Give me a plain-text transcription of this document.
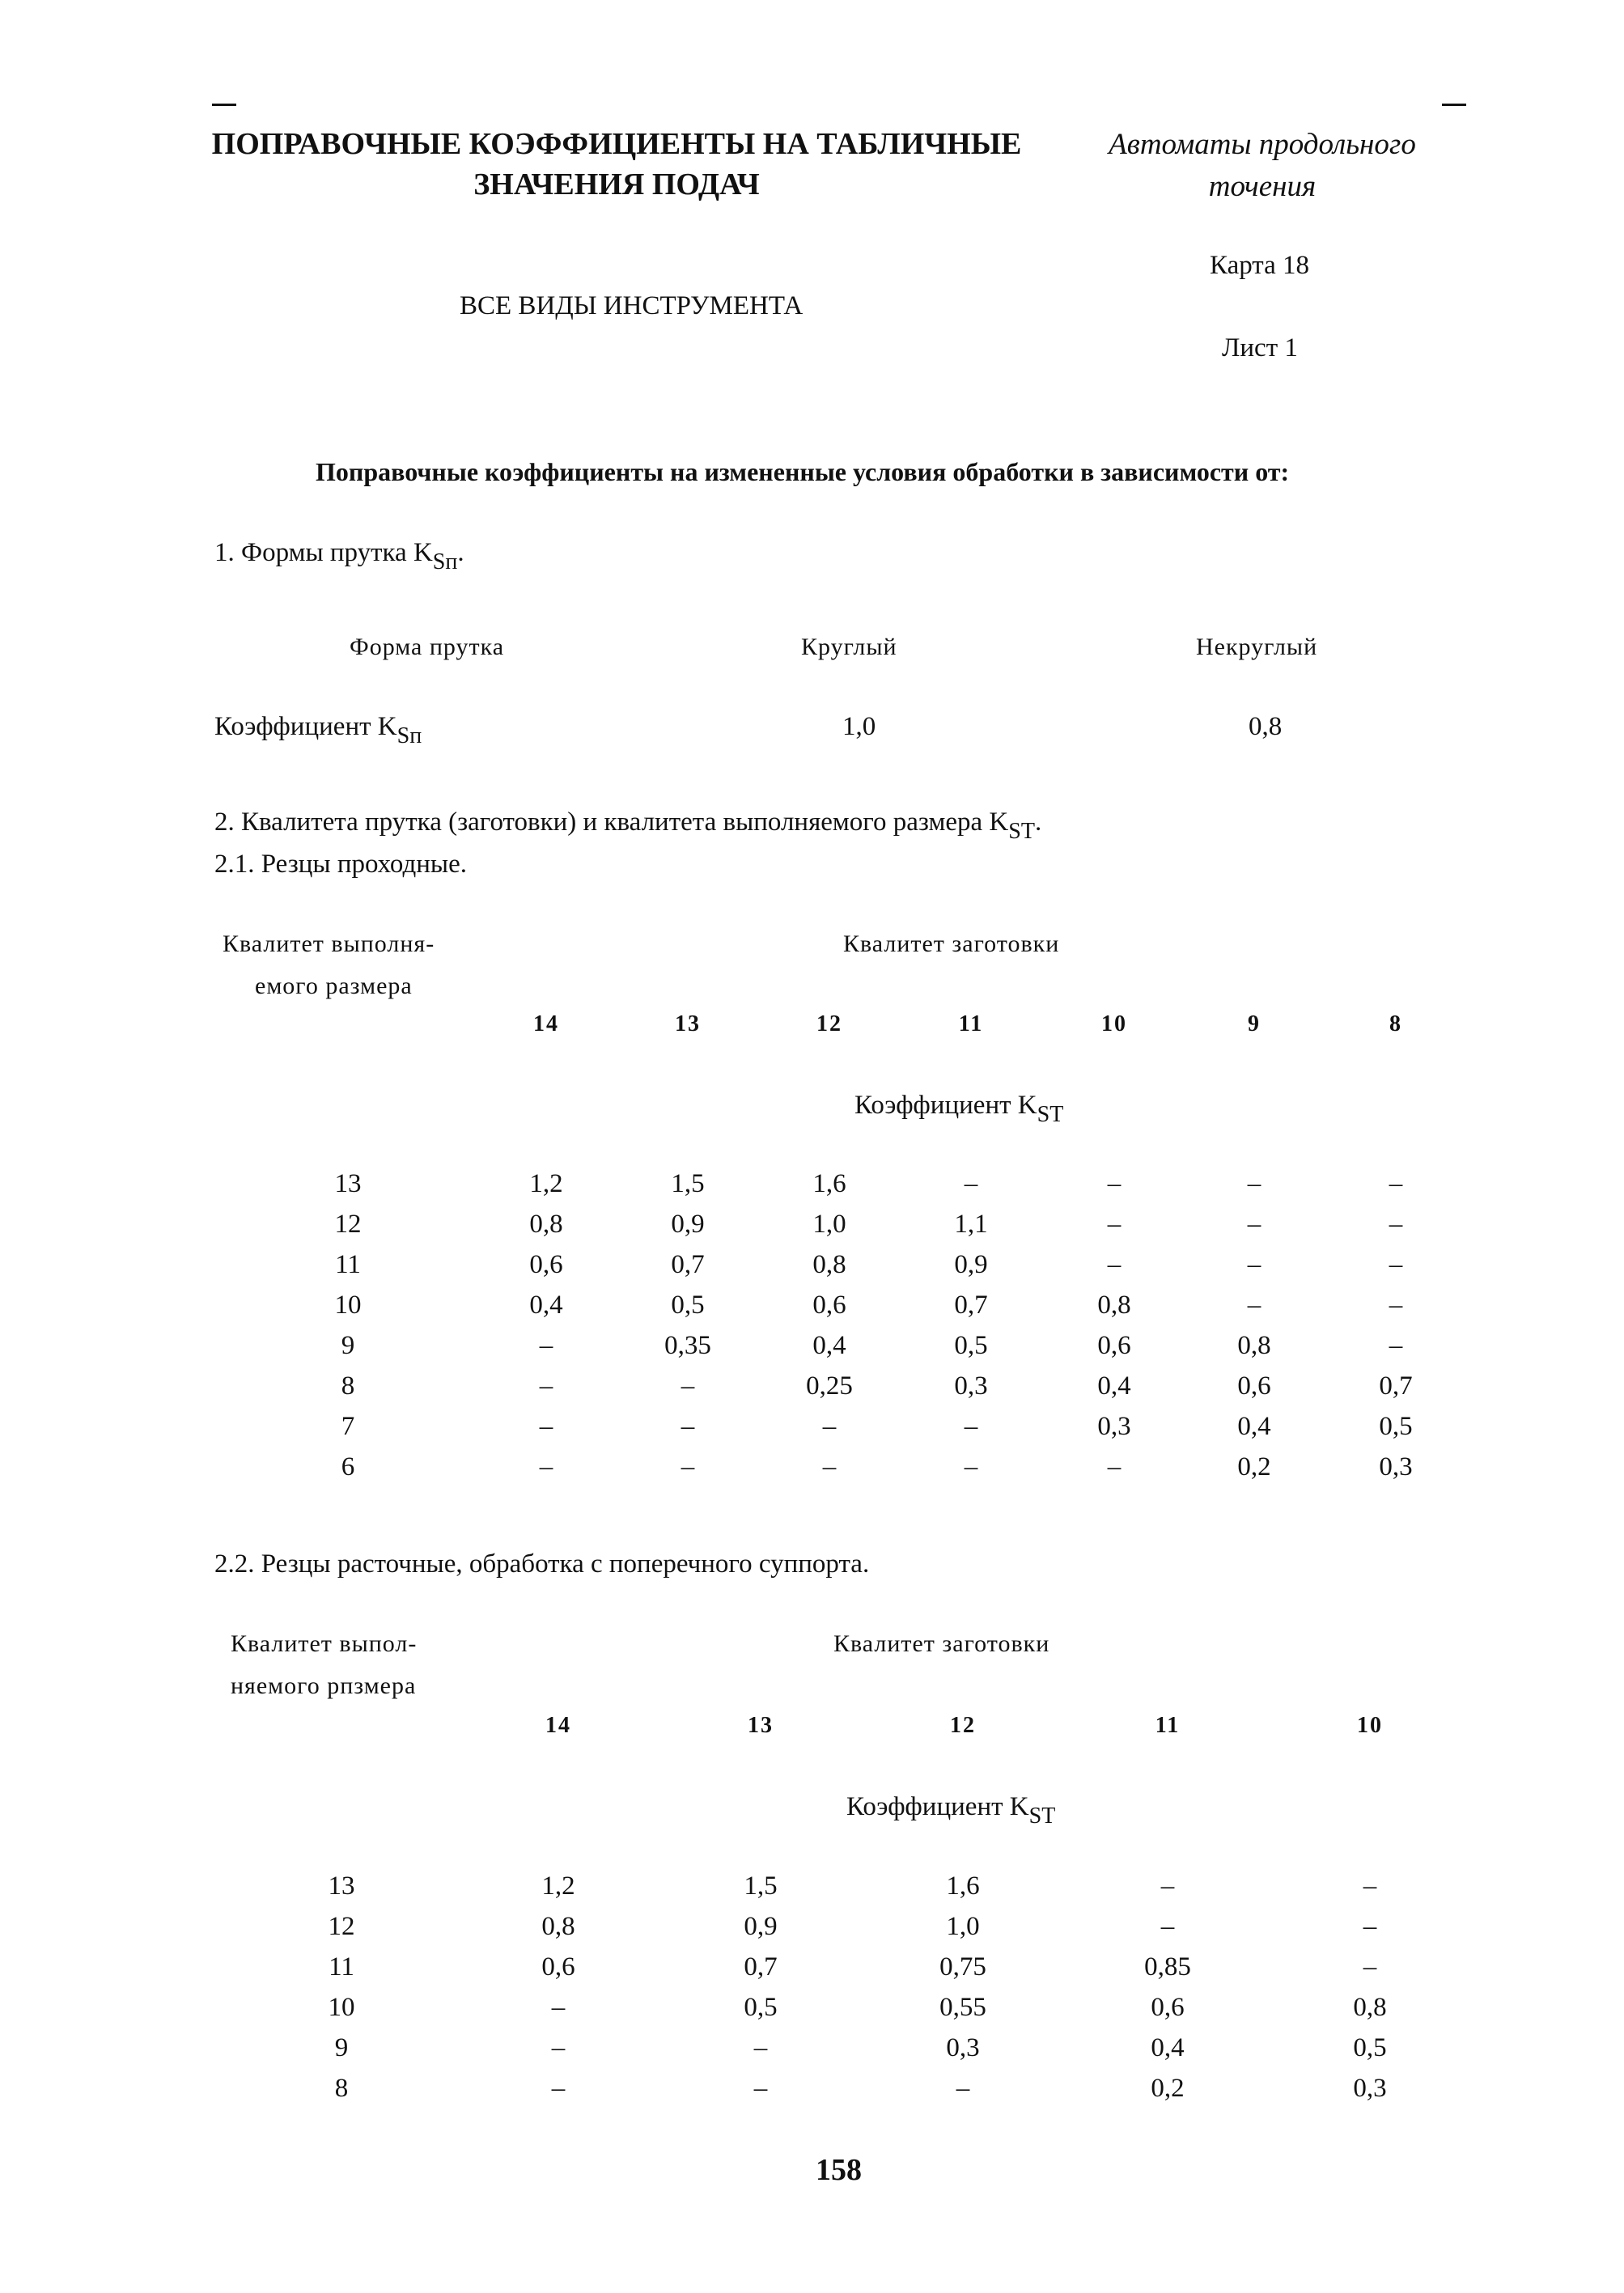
ПОПРАВОЧНЫЕ КОЭФФИЦИЕНТЫ НА ТАБЛИЧНЫЕ
ЗНАЧЕНИЯ ПОДАЧ
Автоматы продольного
точения
Карта 18
ВСЕ ВИДЫ ИНСТРУМЕНТА
Лист 1
Поправочные коэффициенты на измененные условия обработки в зависимости от:
1. Формы прутка $K_{Sп}$.
Форма прутка	Круглый	Некруглый
Коэффициент $K_{Sп}$	1,0	0,8
2. Квалитета прутка (заготовки) и квалитета выполняемого размера $K_{ST}$.
2.1. Резцы проходные.
Квалитет выполня-
емого размера
Квалитет заготовки
14	13	12	11	10	9	8
Коэффициент $K_{ST}$
13	1,2	1,5	1,6	–	–	–	–
12	0,8	0,9	1,0	1,1	–	–	–
11	0,6	0,7	0,8	0,9	–	–	–
10	0,4	0,5	0,6	0,7	0,8	–	–
9	–	0,35	0,4	0,5	0,6	0,8	–
8	–	–	0,25	0,3	0,4	0,6	0,7
7	–	–	–	–	0,3	0,4	0,5
6	–	–	–	–	–	0,2	0,3
2.2. Резцы расточные, обработка с поперечного суппорта.
Квалитет выпол-
няемого рпзмера
Квалитет заготовки
14	13	12	11	10
Коэффициент $K_{ST}$
13	1,2	1,5	1,6	–	–
12	0,8	0,9	1,0	–	–
11	0,6	0,7	0,75	0,85	–
10	–	0,5	0,55	0,6	0,8
9	–	–	0,3	0,4	0,5
8	–	–	–	0,2	0,3
158
